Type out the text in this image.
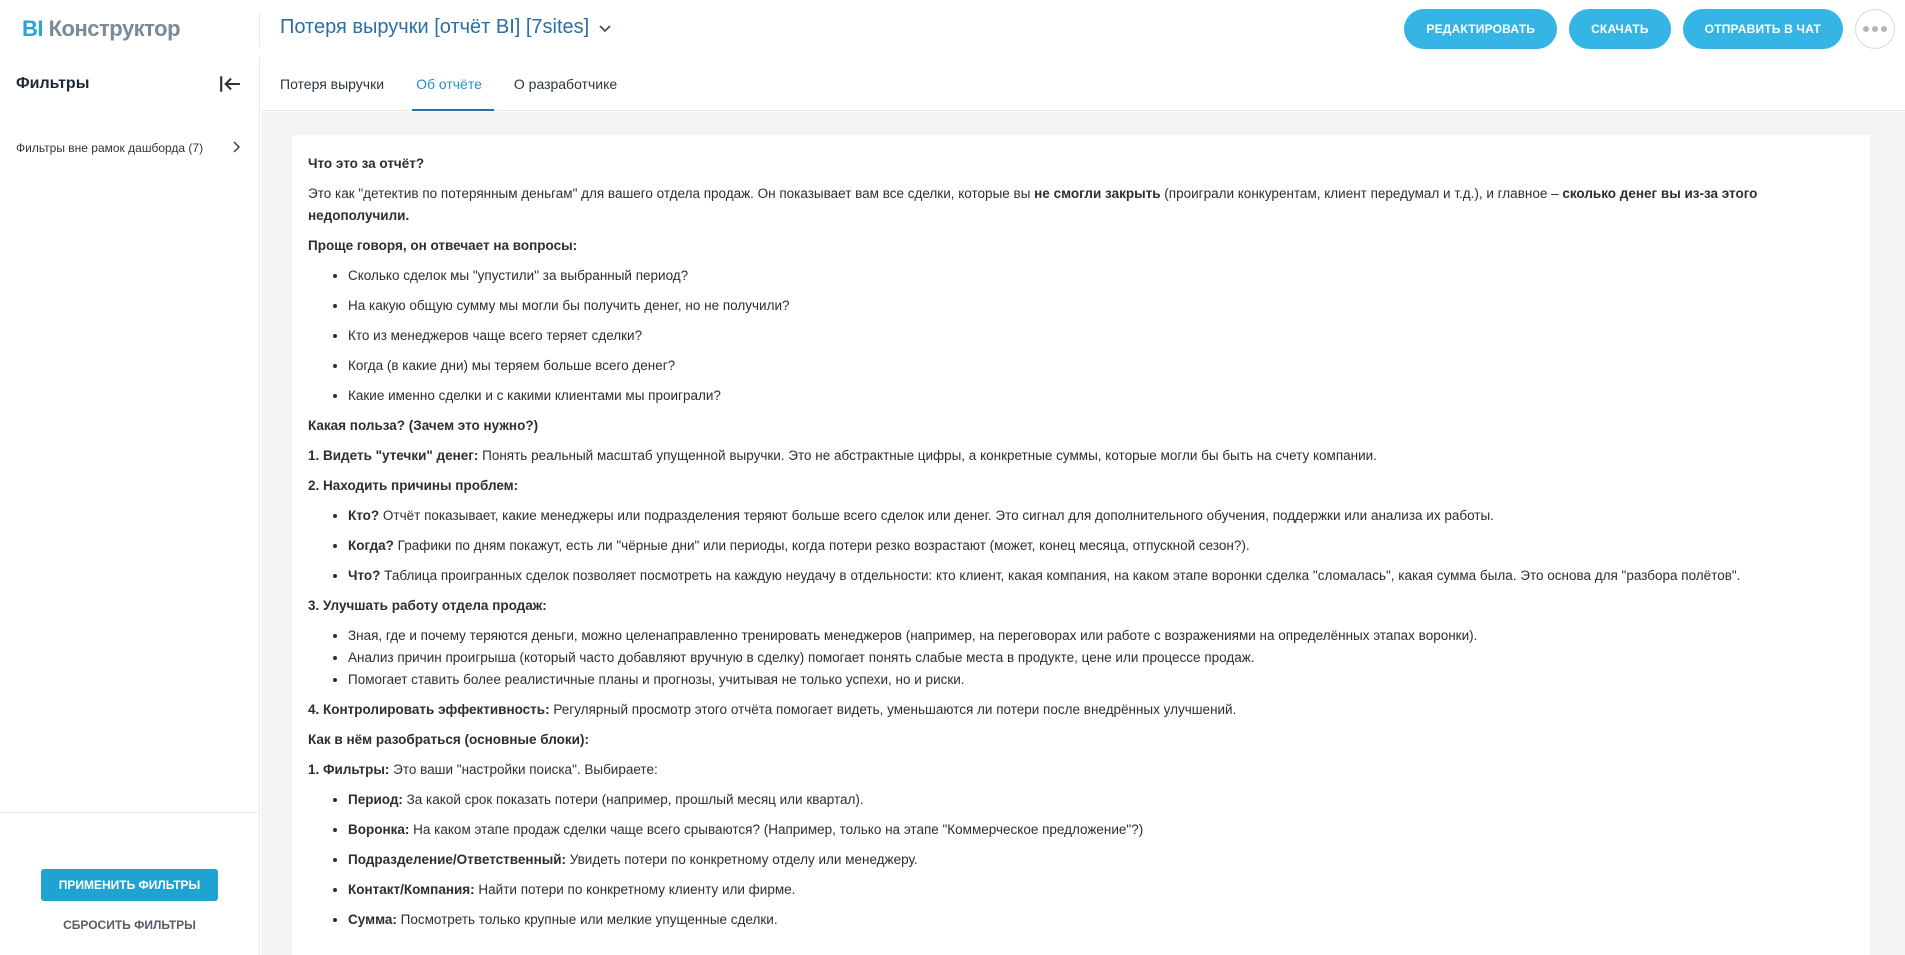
BI Конструктор	Потеря выручки [отчёт BI] [7sites]	РЕДАКТИРОВАТЬ	СКАЧАТЬ	ОТПРАВИТЬ В ЧАТ
Фильтры
Фильтры вне рамок дашборда (7)
ПРИМЕНИТЬ ФИЛЬТРЫ
СБРОСИТЬ ФИЛЬТРЫ
Потеря выручки	Об отчёте	О разработчике

Что это за отчёт?

Это как "детектив по потерянным деньгам" для вашего отдела продаж. Он показывает вам все сделки, которые вы не смогли закрыть (проиграли конкурентам, клиент передумал и т.д.), и главное – сколько денег вы из-за этого недополучили.

Проще говоря, он отвечает на вопросы:

• Сколько сделок мы "упустили" за выбранный период?
• На какую общую сумму мы могли бы получить денег, но не получили?
• Кто из менеджеров чаще всего теряет сделки?
• Когда (в какие дни) мы теряем больше всего денег?
• Какие именно сделки и с какими клиентами мы проиграли?

Какая польза? (Зачем это нужно?)

1. Видеть "утечки" денег: Понять реальный масштаб упущенной выручки. Это не абстрактные цифры, а конкретные суммы, которые могли бы быть на счету компании.

2. Находить причины проблем:

• Кто? Отчёт показывает, какие менеджеры или подразделения теряют больше всего сделок или денег. Это сигнал для дополнительного обучения, поддержки или анализа их работы.
• Когда? Графики по дням покажут, есть ли "чёрные дни" или периоды, когда потери резко возрастают (может, конец месяца, отпускной сезон?).
• Что? Таблица проигранных сделок позволяет посмотреть на каждую неудачу в отдельности: кто клиент, какая компания, на каком этапе воронки сделка "сломалась", какая сумма была. Это основа для "разбора полётов".

3. Улучшать работу отдела продаж:

• Зная, где и почему теряются деньги, можно целенаправленно тренировать менеджеров (например, на переговорах или работе с возражениями на определённых этапах воронки).
• Анализ причин проигрыша (который часто добавляют вручную в сделку) помогает понять слабые места в продукте, цене или процессе продаж.
• Помогает ставить более реалистичные планы и прогнозы, учитывая не только успехи, но и риски.

4. Контролировать эффективность: Регулярный просмотр этого отчёта помогает видеть, уменьшаются ли потери после внедрённых улучшений.

Как в нём разобраться (основные блоки):

1. Фильтры: Это ваши "настройки поиска". Выбираете:

• Период: За какой срок показать потери (например, прошлый месяц или квартал).
• Воронка: На каком этапе продаж сделки чаще всего срываются? (Например, только на этапе "Коммерческое предложение"?)
• Подразделение/Ответственный: Увидеть потери по конкретному отделу или менеджеру.
• Контакт/Компания: Найти потери по конкретному клиенту или фирме.
• Сумма: Посмотреть только крупные или мелкие упущенные сделки.
